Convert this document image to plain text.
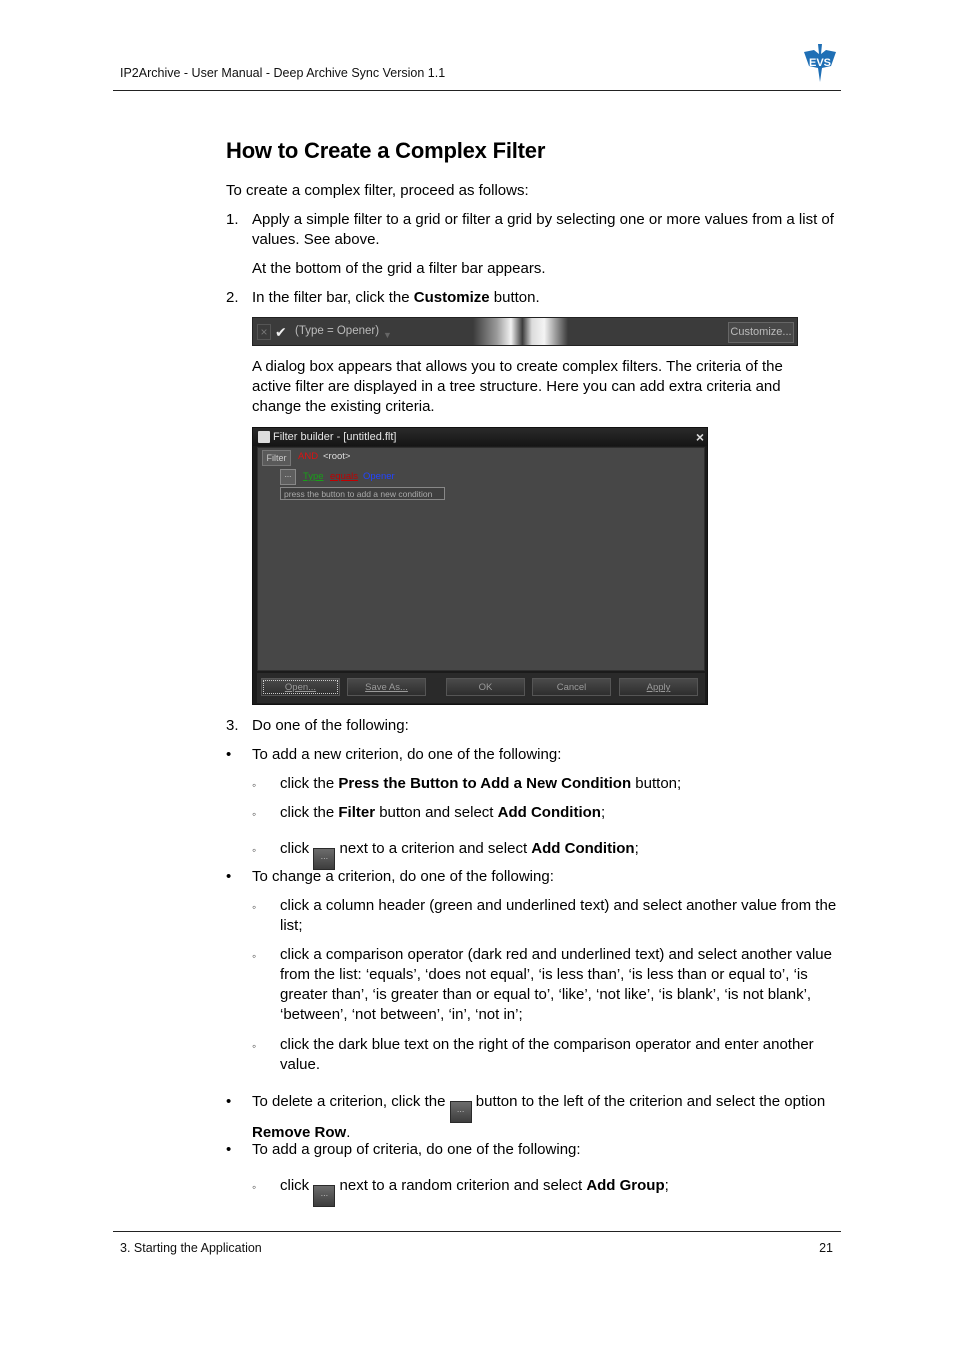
IP2Archive - User Manual - Deep Archive Sync Version 1.1
EVS
How to Create a Complex Filter
To create a complex filter, proceed as follows:
1. Apply a simple filter to a grid or filter a grid by selecting one or more values from a list of values. See above.
At the bottom of the grid a filter bar appears.
2. In the filter bar, click the Customize button.
× ✔ (Type = Opener) ▼	Customize...
A dialog box appears that allows you to create complex filters. The criteria of the active filter are displayed in a tree structure. Here you can add extra criteria and change the existing criteria.
Filter builder - [untitled.flt]	×
Filter	AND <root>
...	Type equals Opener
press the button to add a new condition
Open...	Save As...	OK	Cancel	Apply
3. Do one of the following:
•	To add a new criterion, do one of the following:
◦	click the Press the Button to Add a New Condition button;
◦	click the Filter button and select Add Condition;
◦	click ... next to a criterion and select Add Condition;
•	To change a criterion, do one of the following:
◦	click a column header (green and underlined text) and select another value from the list;
◦	click a comparison operator (dark red and underlined text) and select another value from the list: ‘equals’, ‘does not equal’, ‘is less than’, ‘is less than or equal to’, ‘is greater than’, ‘is greater than or equal to’, ‘like’, ‘not like’, ‘is blank’, ‘is not blank’, ‘between’, ‘not between’, ‘in’, ‘not in’;
◦	click the dark blue text on the right of the comparison operator and enter another value.
•	To delete a criterion, click the ... button to the left of the criterion and select the option Remove Row.
•	To add a group of criteria, do one of the following:
◦	click ... next to a random criterion and select Add Group;
3. Starting the Application	21
